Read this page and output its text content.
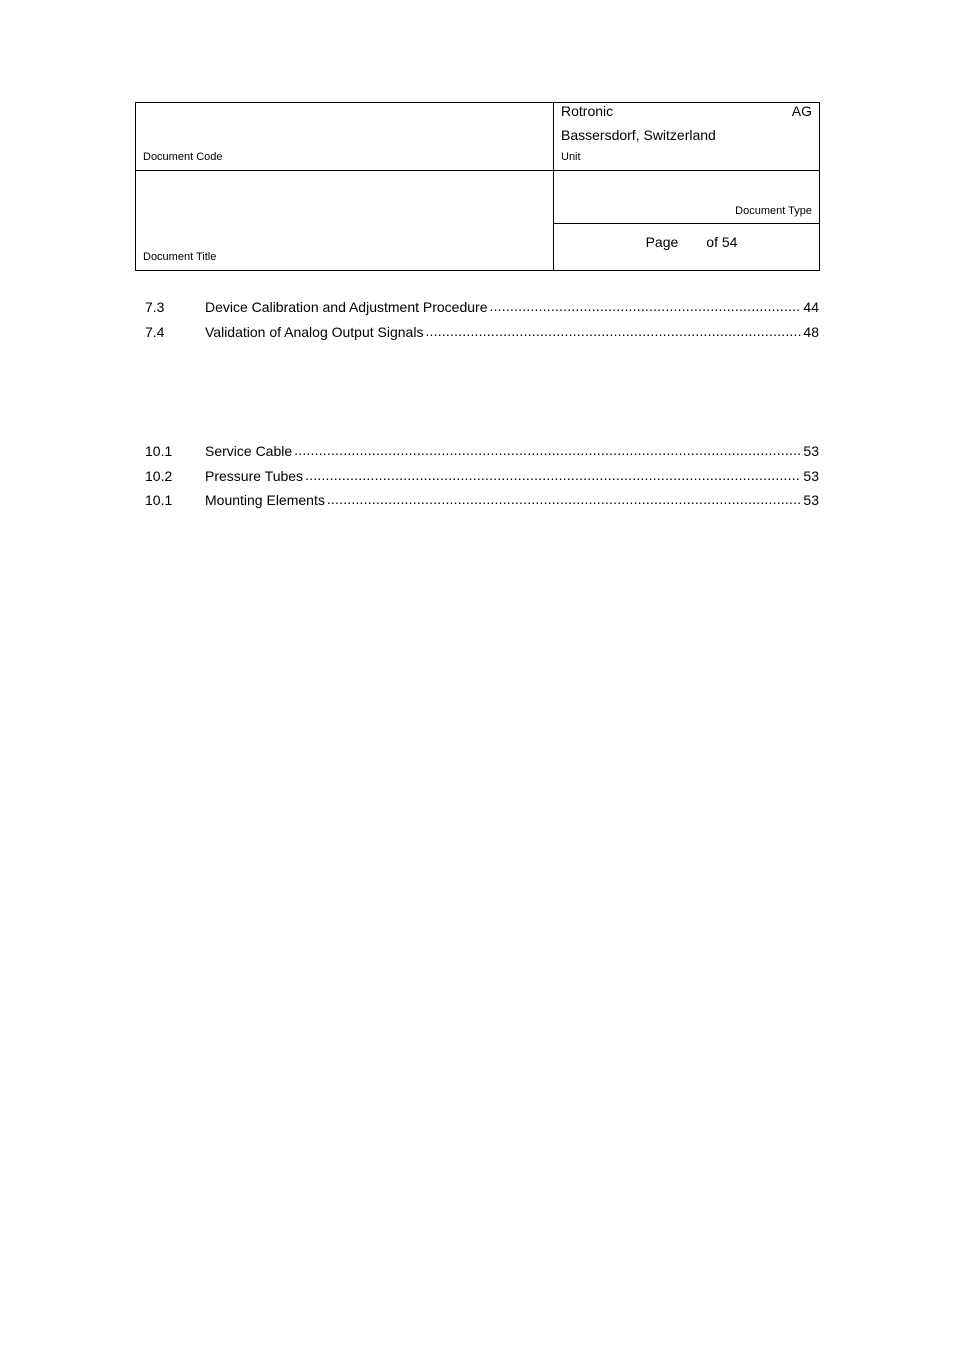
Document Code	Rotronic AG
Bassersdorf, Switzerland
Unit

Document Title	Document Type

	Page of 54
7.3	Device Calibration and Adjustment Procedure .....	44
7.4	Validation of Analog Output Signals .....	48
10.1	Service Cable .....	53
10.2	Pressure Tubes .....	53
10.1	Mounting Elements .....	53
